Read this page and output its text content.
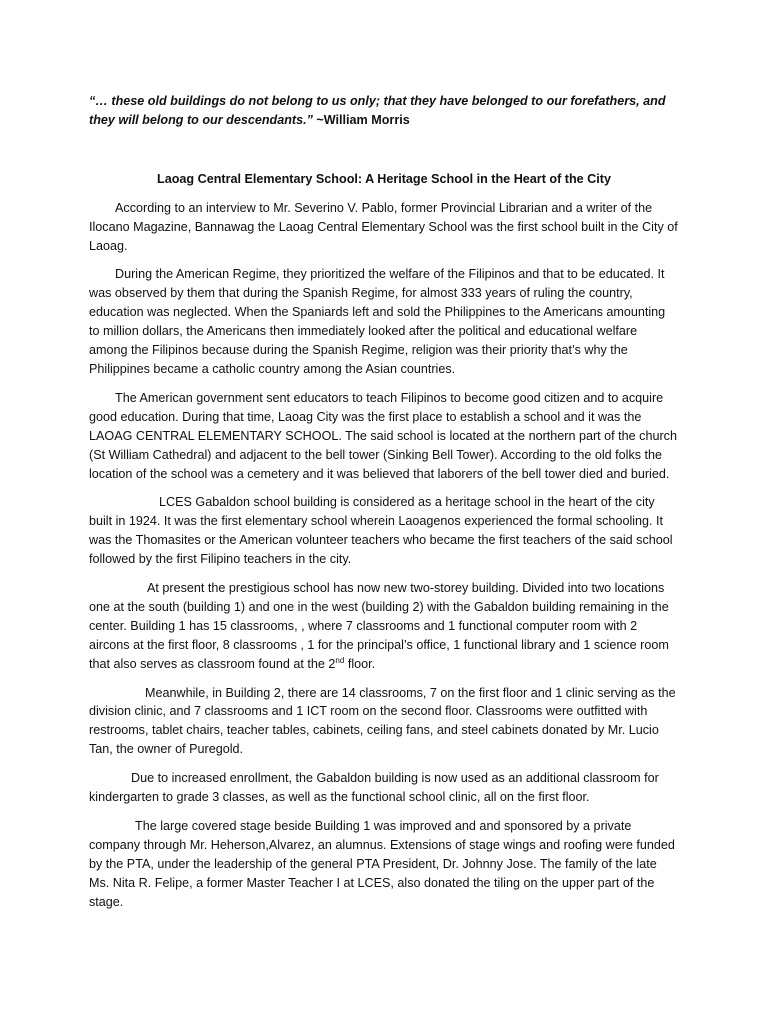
“… these old buildings do not belong to us only; that they have belonged to our forefathers, and they will belong to our descendants.” ~William Morris

Laoag Central Elementary School: A Heritage School in the Heart of the City

According to an interview to Mr. Severino V. Pablo, former Provincial Librarian and a writer of the Ilocano Magazine, Bannawag the Laoag Central Elementary School was the first school built in the City of Laoag.

During the American Regime, they prioritized the welfare of the Filipinos and that to be educated. It was observed by them that during the Spanish Regime, for almost 333 years of ruling the country, education was neglected. When the Spaniards left and sold the Philippines to the Americans amounting to million dollars, the Americans then immediately looked after the political and educational welfare among the Filipinos because during the Spanish Regime, religion was their priority that’s why the Philippines became a catholic country among the Asian countries.

The American government sent educators to teach Filipinos to become good citizen and to acquire good education. During that time, Laoag City was the first place to establish a school and it was the LAOAG CENTRAL ELEMENTARY SCHOOL. The said school is located at the northern part of the church (St William Cathedral) and adjacent to the bell tower (Sinking Bell Tower). According to the old folks the location of the school was a cemetery and it was believed that laborers of the bell tower died and buried.

LCES Gabaldon school building is considered as a heritage school in the heart of the city built in 1924. It was the first elementary school wherein Laoagenos experienced the formal schooling. It was the Thomasites or the American volunteer teachers who became the first teachers of the said school followed by the first Filipino teachers in the city.

At present the prestigious school has now new two-storey building. Divided into two locations one at the south (building 1) and one in the west (building 2) with the Gabaldon building remaining in the center. Building 1 has 15 classrooms, , where 7 classrooms and 1 functional computer room with 2 aircons at the first floor, 8 classrooms , 1 for the principal’s office, 1 functional library and 1 science room that also serves as classroom found at the 2nd floor.

Meanwhile, in Building 2, there are 14 classrooms, 7 on the first floor and 1 clinic serving as the division clinic, and 7 classrooms and 1 ICT room on the second floor. Classrooms were outfitted with restrooms, tablet chairs, teacher tables, cabinets, ceiling fans, and steel cabinets donated by Mr. Lucio Tan, the owner of Puregold.

Due to increased enrollment, the Gabaldon building is now used as an additional classroom for kindergarten to grade 3 classes, as well as the functional school clinic, all on the first floor.

The large covered stage beside Building 1 was improved and and sponsored by a private company through Mr. Heherson,Alvarez, an alumnus. Extensions of stage wings and roofing were funded by the PTA, under the leadership of the general PTA President, Dr. Johnny Jose. The family of the late Ms. Nita R. Felipe, a former Master Teacher I at LCES, also donated the tiling on the upper part of the stage.
